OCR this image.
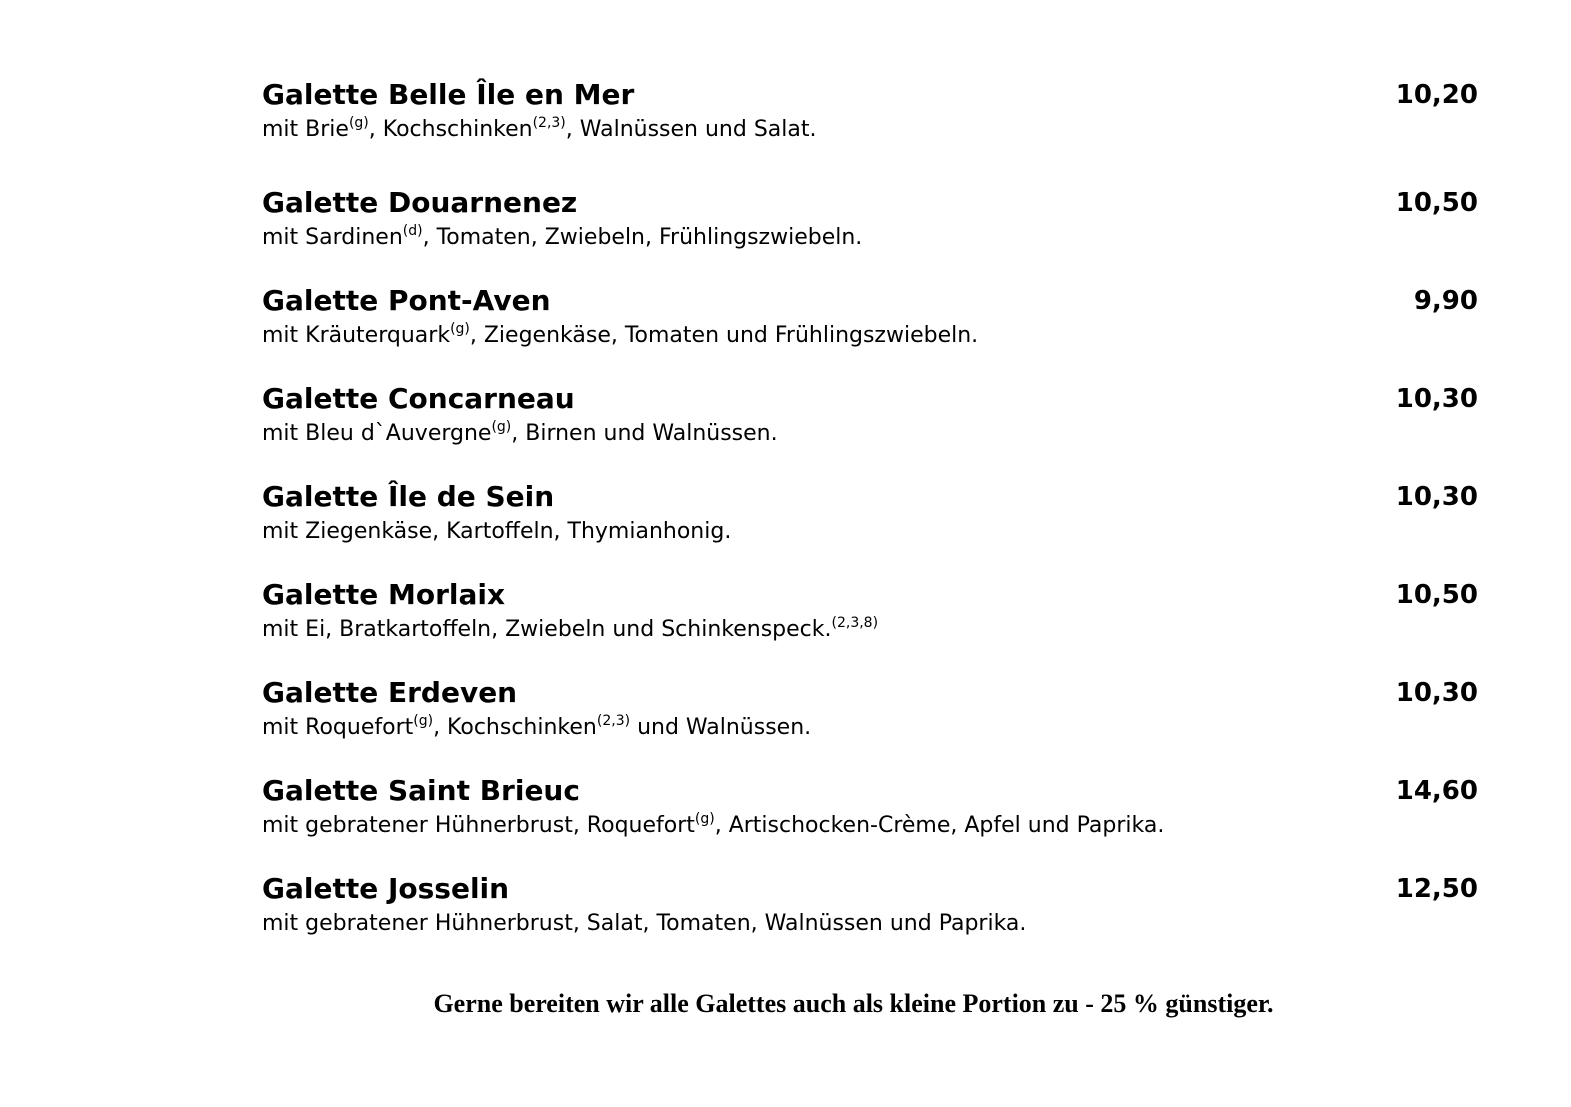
Galette Belle Île en Mer	10,20
mit Brie$^{(g)}$, Kochschinken$^{(2,3)}$, Walnüssen und Salat.
Galette Douarnenez	10,50
mit Sardinen$^{(d)}$, Tomaten, Zwiebeln, Frühlingszwiebeln.
Galette Pont-Aven	9,90
mit Kräuterquark$^{(g)}$, Ziegenkäse, Tomaten und Frühlingszwiebeln.
Galette Concarneau	10,30
mit Bleu d`Auvergne$^{(g)}$, Birnen und Walnüssen.
Galette Île de Sein	10,30
mit Ziegenkäse, Kartoffeln, Thymianhonig.
Galette Morlaix	10,50
mit Ei, Bratkartoffeln, Zwiebeln und Schinkenspeck.$^{(2,3,8)}$
Galette Erdeven	10,30
mit Roquefort$^{(g)}$, Kochschinken$^{(2,3)}$ und Walnüssen.
Galette Saint Brieuc	14,60
mit gebratener Hühnerbrust, Roquefort$^{(g)}$, Artischocken-Crème, Apfel und Paprika.
Galette Josselin	12,50
mit gebratener Hühnerbrust, Salat, Tomaten, Walnüssen und Paprika.
Gerne bereiten wir alle Galettes auch als kleine Portion zu - 25 % günstiger.
